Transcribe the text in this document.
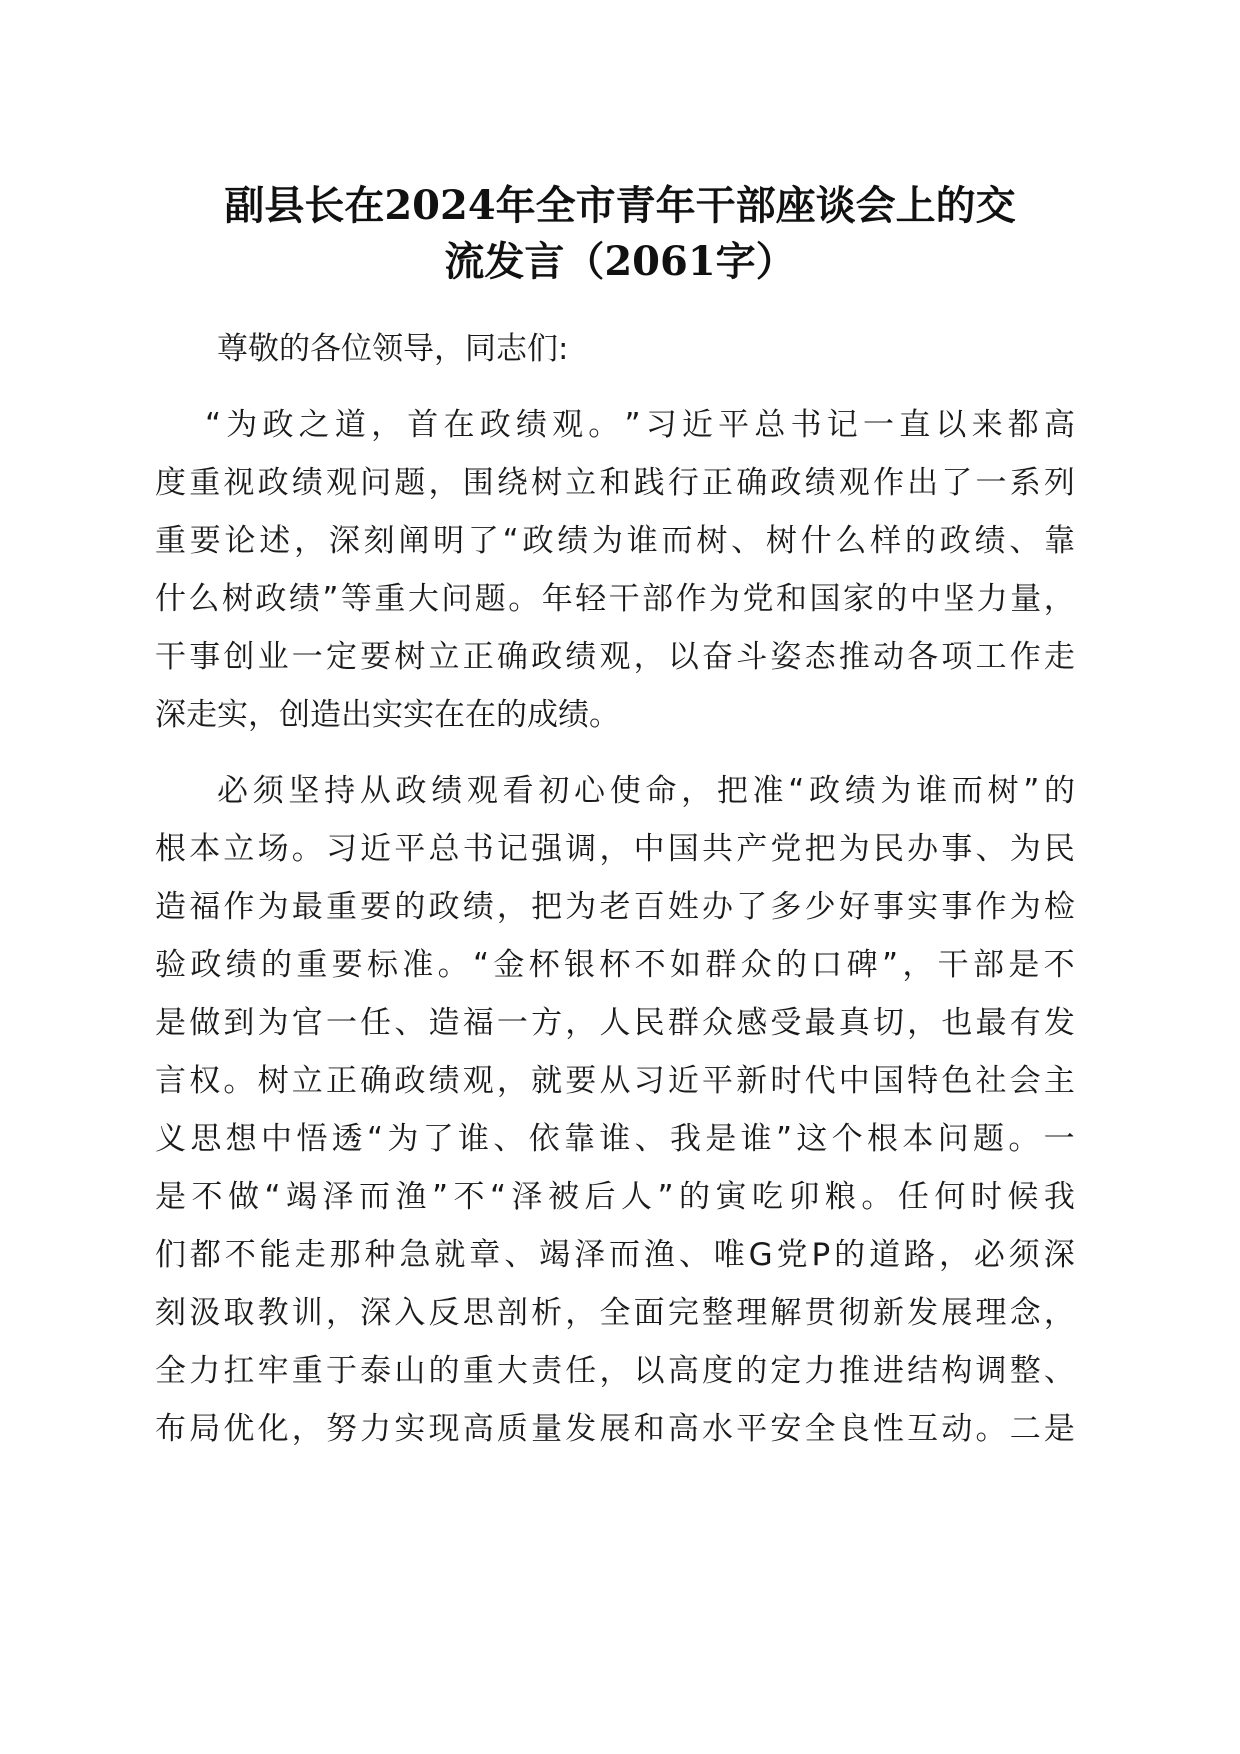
副县长在2024年全市青年干部座谈会上的交
流发言（2061字）

尊敬的各位领导，同志们:

“ 为 政 之 道 ， 首 在 政 绩 观 。 ” 习 近 平 总 书 记 一 直 以 来 都 高
度 重 视 政 绩 观 问 题 ， 围 绕 树 立 和 践 行 正 确 政 绩 观 作 出 了 一 系 列
重 要 论 述 ， 深 刻 阐 明 了 “ 政 绩 为 谁 而 树 、 树 什 么 样 的 政 绩 、 靠
什 么 树 政 绩 ” 等 重 大 问 题 。 年 轻 干 部 作 为 党 和 国 家 的 中 坚 力 量 ，
干 事 创 业 一 定 要 树 立 正 确 政 绩 观 ， 以 奋 斗 姿 态 推 动 各 项 工 作 走
深走实，创造出实实在在的成绩。

必 须 坚 持 从 政 绩 观 看 初 心 使 命 ， 把 准 “ 政 绩 为 谁 而 树 ” 的
根 本 立 场 。 习 近 平 总 书 记 强 调 ， 中 国 共 产 党 把 为 民 办 事 、 为 民
造 福 作 为 最 重 要 的 政 绩 ， 把 为 老 百 姓 办 了 多 少 好 事 实 事 作 为 检
验 政 绩 的 重 要 标 准 。 “ 金 杯 银 杯 不 如 群 众 的 口 碑 ” ， 干 部 是 不
是 做 到 为 官 一 任 、 造 福 一 方 ， 人 民 群 众 感 受 最 真 切 ， 也 最 有 发
言 权 。 树 立 正 确 政 绩 观 ， 就 要 从 习 近 平 新 时 代 中 国 特 色 社 会 主
义 思 想 中 悟 透 “ 为 了 谁 、 依 靠 谁 、 我 是 谁 ” 这 个 根 本 问 题 。 一
是 不 做 “ 竭 泽 而 渔 ” 不 “ 泽 被 后 人 ” 的 寅 吃 卯 粮 。 任 何 时 候 我
们 都 不 能 走 那 种 急 就 章 、 竭 泽 而 渔 、 唯 G 党 P 的 道 路 ， 必 须 深
刻 汲 取 教 训 ， 深 入 反 思 剖 析 ， 全 面 完 整 理 解 贯 彻 新 发 展 理 念 ，
全 力 扛 牢 重 于 泰 山 的 重 大 责 任 ， 以 高 度 的 定 力 推 进 结 构 调 整 、
布 局 优 化 ， 努 力 实 现 高 质 量 发 展 和 高 水 平 安 全 良 性 互 动 。 二 是
